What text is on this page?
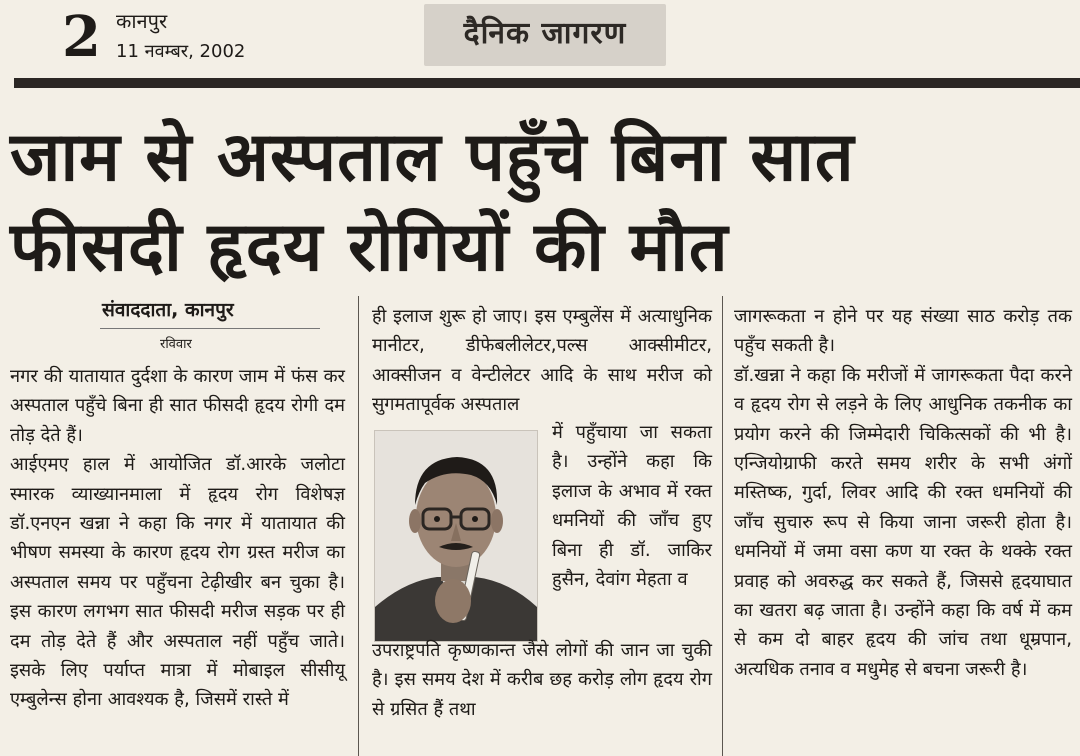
2 कानपुर
11 नवम्बर, 2002
दैनिक जागरण
जाम से अस्पताल पहुँचे बिना सात
फीसदी हृदय रोगियों की मौत
संवाददाता, कानपुर
रविवार

नगर की यातायात दुर्दशा के कारण जाम में फंस कर अस्पताल पहुँचे बिना ही सात फीसदी हृदय रोगी दम तोड़ देते हैं।

आईएमए हाल में आयोजित डॉ.आरके जलोटा स्मारक व्याख्यानमाला में हृदय रोग विशेषज्ञ डॉ.एनएन खन्ना ने कहा कि नगर में यातायात की भीषण समस्या के कारण हृदय रोग ग्रस्त मरीज का अस्पताल समय पर पहुँचना टेढ़ीखीर बन चुका है। इस कारण लगभग सात फीसदी मरीज सड़क पर ही दम तोड़ देते हैं और अस्पताल नहीं पहुँच जाते। इसके लिए पर्याप्त मात्रा में मोबाइल सीसीयू एम्बुलेन्स होना आवश्यक है, जिसमें रास्ते में

ही इलाज शुरू हो जाए। इस एम्बुलेंस में अत्याधुनिक मानीटर, डीफेबलीलेटर,पल्स आक्सीमीटर, आक्सीजन व वेन्टीलेटर आदि के साथ मरीज को सुगमतापूर्वक अस्पताल

में पहुँचाया जा सकता है। उन्होंने कहा कि इलाज के अभाव में रक्त धमनियों की जाँच हुए बिना ही डॉ. जाकिर हुसैन, देवांग मेहता व

उपराष्ट्रपति कृष्णकान्त जैसे लोगों की जान जा चुकी है। इस समय देश में करीब छह करोड़ लोग हृदय रोग से ग्रसित हैं तथा

जागरूकता न होने पर यह संख्या साठ करोड़ तक पहुँच सकती है।

डॉ.खन्ना ने कहा कि मरीजों में जागरूकता पैदा करने व हृदय रोग से लड़ने के लिए आधुनिक तकनीक का प्रयोग करने की जिम्मेदारी चिकित्सकों की भी है। एन्जियोग्राफी करते समय शरीर के सभी अंगों मस्तिष्क, गुर्दा, लिवर आदि की रक्त धमनियों की जाँच सुचारु रूप से किया जाना जरूरी होता है। धमनियों में जमा वसा कण या रक्त के थक्के रक्त प्रवाह को अवरुद्ध कर सकते हैं, जिससे हृदयाघात का खतरा बढ़ जाता है। उन्होंने कहा कि वर्ष में कम से कम दो बाहर हृदय की जांच तथा धूम्रपान, अत्यधिक तनाव व मधुमेह से बचना जरूरी है।
